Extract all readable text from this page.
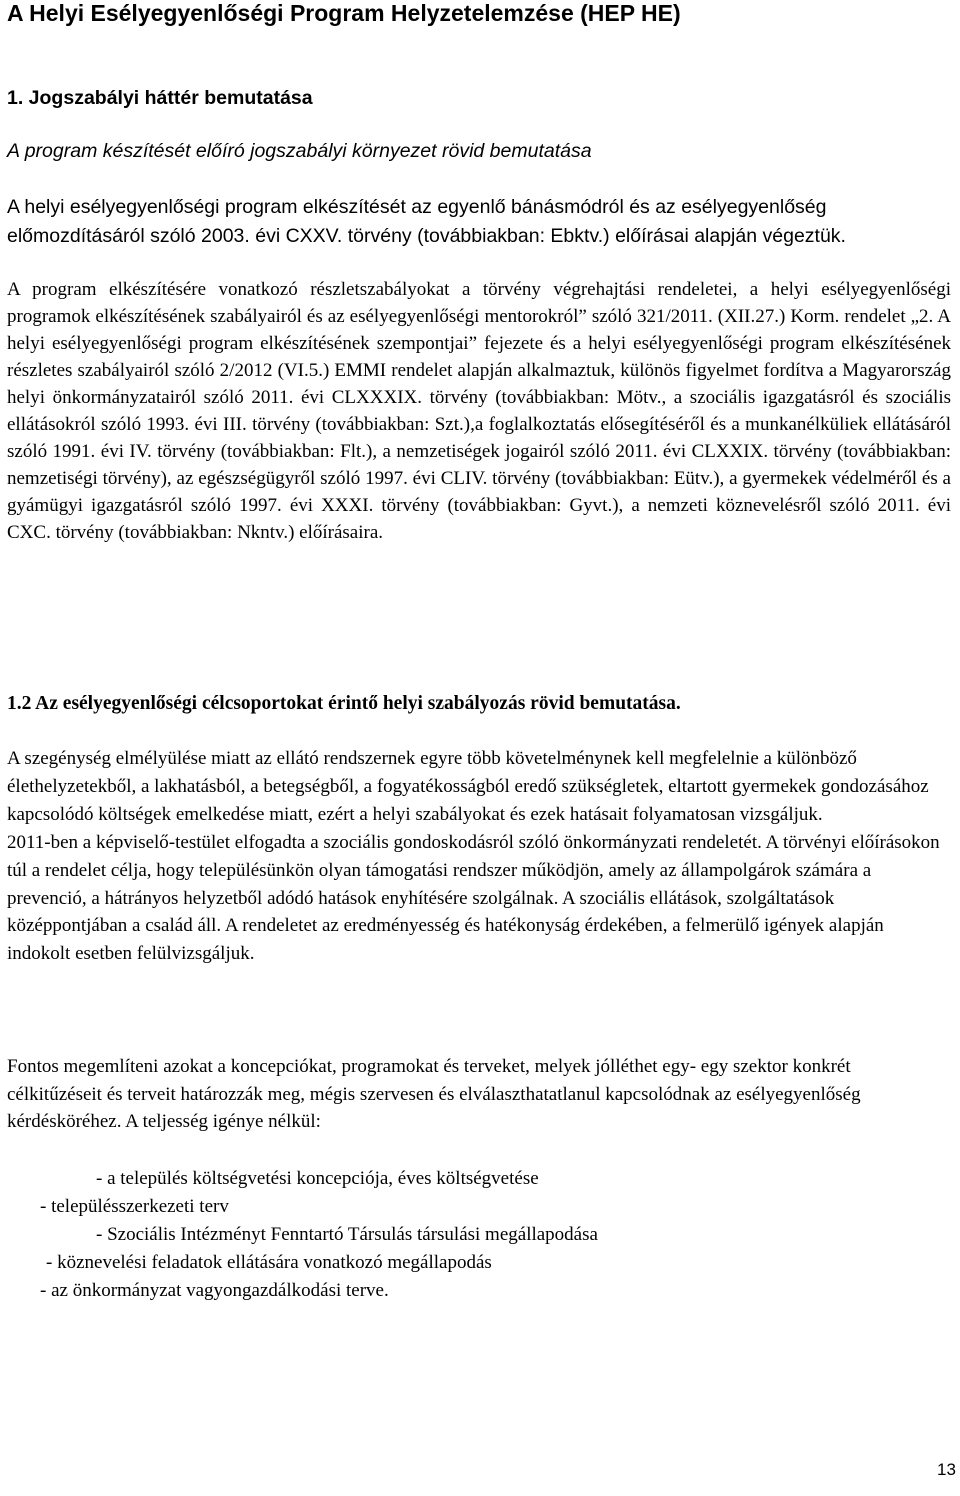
A Helyi Esélyegyenlőségi Program Helyzetelemzése (HEP HE)
1. Jogszabályi háttér bemutatása

A program készítését előíró jogszabályi környezet rövid bemutatása

A helyi esélyegyenlőségi program elkészítését az egyenlő bánásmódról és az esélyegyenlőség előmozdításáról szóló 2003. évi CXXV. törvény (továbbiakban: Ebktv.) előírásai alapján végeztük.

A program elkészítésére vonatkozó részletszabályokat a törvény végrehajtási rendeletei, a helyi esélyegyenlőségi programok elkészítésének szabályairól és az esélyegyenlőségi mentorokról” szóló 321/2011. (XII.27.) Korm. rendelet „2. A helyi esélyegyenlőségi program elkészítésének szempontjai” fejezete és a helyi esélyegyenlőségi program elkészítésének részletes szabályairól szóló 2/2012 (VI.5.) EMMI rendelet alapján alkalmaztuk, különös figyelmet fordítva a Magyarország helyi önkormányzatairól szóló 2011. évi CLXXXIX. törvény (továbbiakban: Mötv., a szociális igazgatásról és szociális ellátásokról szóló 1993. évi III. törvény (továbbiakban: Szt.),a foglalkoztatás elősegítéséről és a munkanélküliek ellátásáról szóló 1991. évi IV. törvény (továbbiakban: Flt.), a nemzetiségek jogairól szóló 2011. évi CLXXIX. törvény (továbbiakban: nemzetiségi törvény), az egészségügyről szóló 1997. évi CLIV. törvény (továbbiakban: Eütv.), a gyermekek védelméről és a gyámügyi igazgatásról szóló 1997. évi XXXI. törvény (továbbiakban: Gyvt.), a nemzeti köznevelésről szóló 2011. évi CXC. törvény (továbbiakban: Nkntv.) előírásaira.

1.2 Az esélyegyenlőségi célcsoportokat érintő helyi szabályozás rövid bemutatása.

A szegénység elmélyülése miatt az ellátó rendszernek egyre több követelménynek kell megfelelnie a különböző élethelyzetekből, a lakhatásból, a betegségből, a fogyatékosságból eredő szükségletek, eltartott gyermekek gondozásához kapcsolódó költségek emelkedése miatt, ezért a helyi szabályokat és ezek hatásait folyamatosan vizsgáljuk.

2011-ben a képviselő-testület elfogadta a szociális gondoskodásról szóló önkormányzati rendeletét. A törvényi előírásokon túl a rendelet célja, hogy településünkön olyan támogatási rendszer működjön, amely az állampolgárok számára a prevenció, a hátrányos helyzetből adódó hatások enyhítésére szolgálnak. A szociális ellátások, szolgáltatások középpontjában a család áll. A rendeletet az eredményesség és hatékonyság érdekében, a felmerülő igények alapján indokolt esetben felülvizsgáljuk.

Fontos megemlíteni azokat a koncepciókat, programokat és terveket, melyek jólléthet egy- egy szektor konkrét célkitűzéseit és terveit határozzák meg, mégis szervesen és elválaszthatatlanul kapcsolódnak az esélyegyenlőség kérdésköréhez. A teljesség igénye nélkül:

- a település költségvetési koncepciója, éves költségvetése

- településszerkezeti terv

- Szociális Intézményt Fenntartó Társulás társulási megállapodása

- köznevelési feladatok ellátására vonatkozó megállapodás

- az önkormányzat vagyongazdálkodási terve.

13
